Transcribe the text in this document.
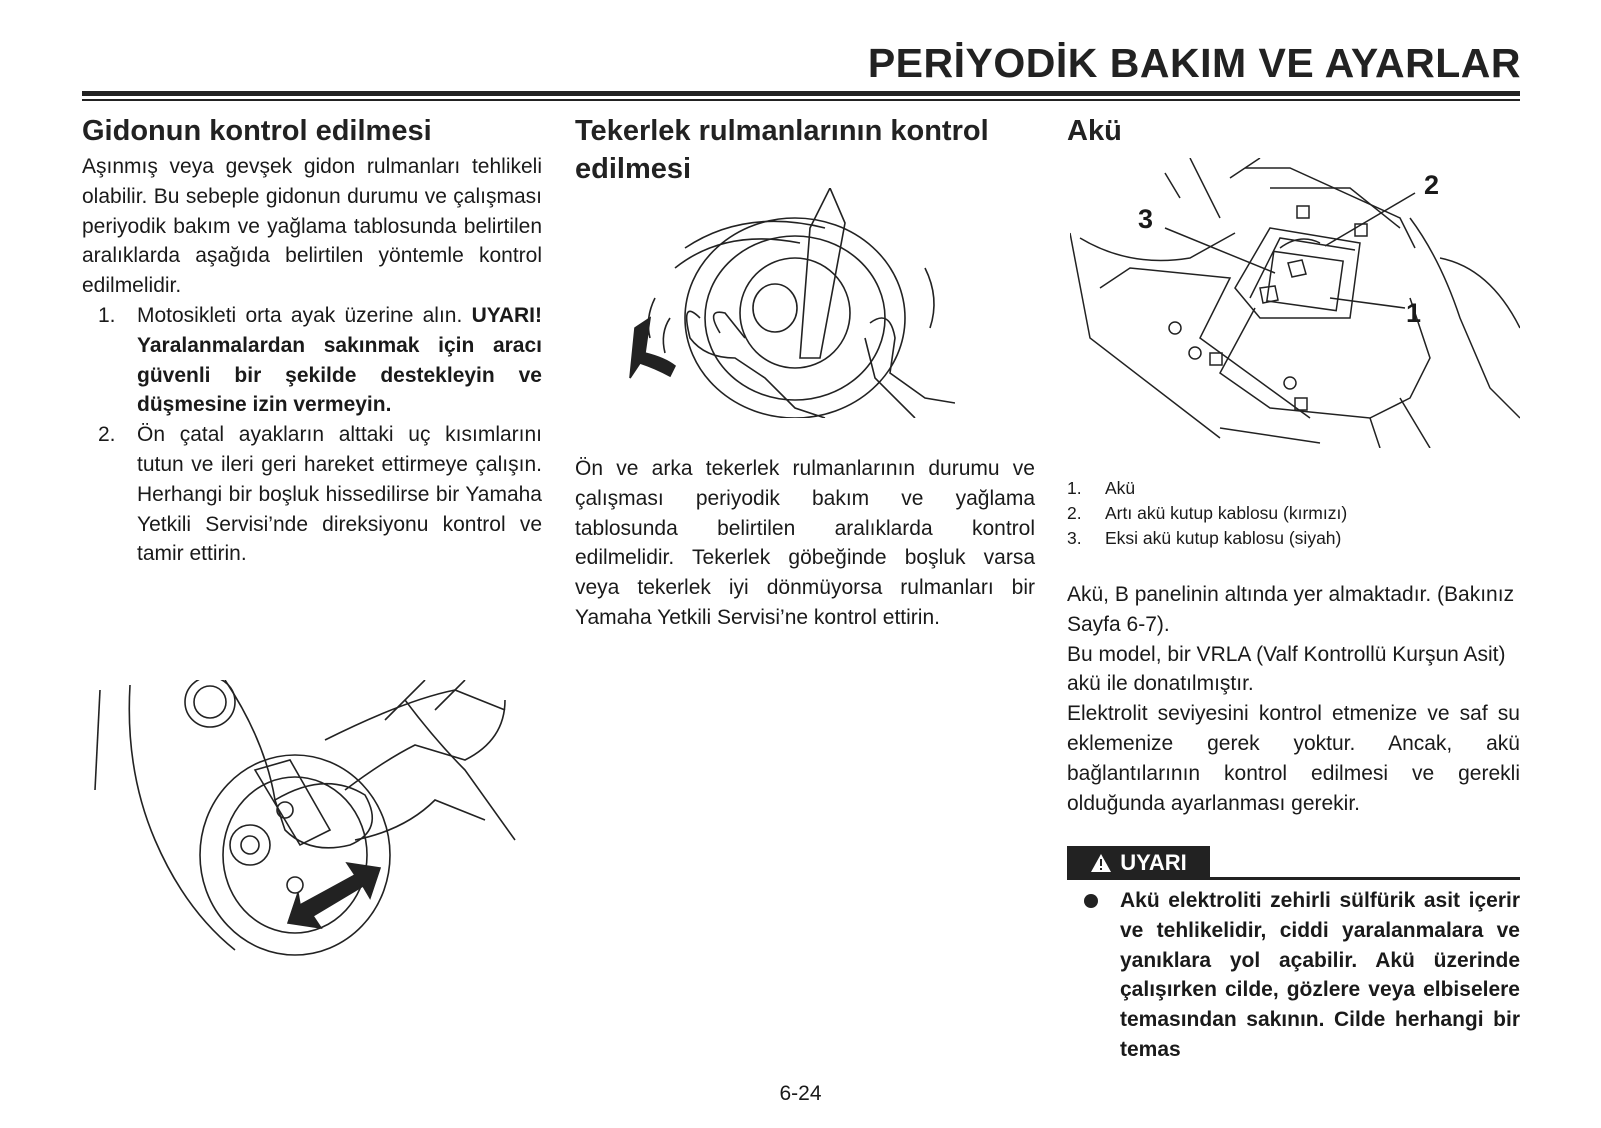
PERİYODİK BAKIM VE AYARLAR
Gidonun kontrol edilmesi

Aşınmış veya gevşek gidon rulmanları tehlikeli olabilir. Bu sebeple gidonun durumu ve çalışması periyodik bakım ve yağlama tablosunda belirtilen aralıklarda aşağıda belirtilen yöntemle kontrol edilmelidir.

1. Motosikleti orta ayak üzerine alın. UYARI! Yaralanmalardan sakınmak için aracı güvenli bir şekilde destekleyin ve düşmesine izin vermeyin.
2. Ön çatal ayakların alttaki uç kısımlarını tutun ve ileri geri hareket ettirmeye çalışın. Herhangi bir boşluk hissedilirse bir Yamaha Yetkili Servisi’nde direksiyonu kontrol ve tamir ettirin.
Tekerlek rulmanlarının kontrol edilmesi

Ön ve arka tekerlek rulmanlarının durumu ve çalışması periyodik bakım ve yağlama tablosunda belirtilen aralıklarda kontrol edilmelidir. Tekerlek göbeğinde boşluk varsa veya tekerlek iyi dönmüyorsa rulmanları bir Yamaha Yetkili Servisi’ne kontrol ettirin.

Akü
2
3
1
1. Akü
2. Artı akü kutup kablosu (kırmızı)
3. Eksi akü kutup kablosu (siyah)

Akü, B panelinin altında yer almaktadır. (Bakınız Sayfa 6-7).

Bu model, bir VRLA (Valf Kontrollü Kurşun Asit) akü ile donatılmıştır.

Elektrolit seviyesini kontrol etmenize ve saf su eklemenize gerek yoktur. Ancak, akü bağlantılarının kontrol edilmesi ve gerekli olduğunda ayarlanması gerekir.

UYARI
Akü elektroliti zehirli sülfürik asit içerir ve tehlikelidir, ciddi yaralanmalara ve yanıklara yol açabilir. Akü üzerinde çalışırken cilde, gözlere veya elbiselere temasından sakının. Cilde herhangi bir temas
6-24
